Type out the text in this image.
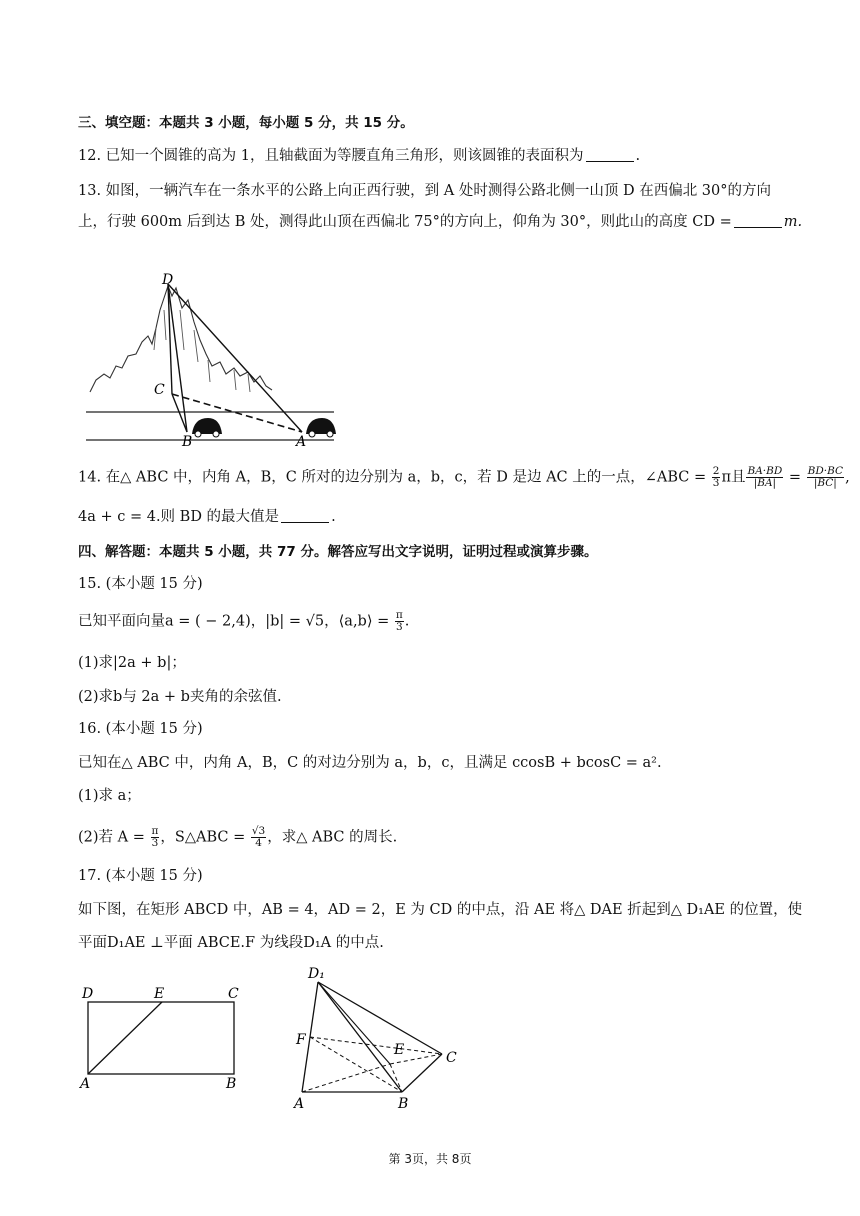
三、填空题：本题共 3 小题，每小题 5 分，共 15 分。
12. 已知一个圆锥的高为 1，且轴截面为等腰直角三角形，则该圆锥的表面积为	.
13. 如图，一辆汽车在一条水平的公路上向正西行驶，到 A 处时测得公路北侧一山顶 D 在西偏北 30°的方向
上，行驶 600m 后到达 B 处，测得此山顶在西偏北 75°的方向上，仰角为 30°，则此山的高度 CD =	m.
D
C
B	A
14. 在△ ABC 中，内角 A，B，C 所对的边分别为 a，b，c，若 D 是边 AC 上的一点，∠ABC = $\frac{2}{3}$ π且 $\frac{BA\cdot BD}{|BA|} = \frac{BD\cdot BC}{|BC|}$ ,
4a + c = 4.则 BD 的最大值是	.
四、解答题：本题共 5 小题，共 77 分。解答应写出文字说明，证明过程或演算步骤。
15. (本小题 15 分)
已知平面向量a = ( − 2,4)，|b| = √5，⟨a,b⟩ = $\frac{\pi}{3}$ .
(1)求|2a + b|；
(2)求b与 2a + b夹角的余弦值.
16. (本小题 15 分)
已知在△ ABC 中，内角 A，B，C 的对边分别为 a，b，c，且满足 ccosB + bcosC = a².
(1)求 a；
(2)若 $A = \frac{\pi}{3}$ ，S△ABC = $\frac{√3}{4}$ ，求△ ABC 的周长.
17. (本小题 15 分)
如下图，在矩形 ABCD 中，AB = 4，AD = 2，E 为 CD 的中点，沿 AE 将△ DAE 折起到△ D₁AE 的位置，使
平面D₁AE ⊥平面 ABCE.F 为线段D₁A 的中点.
D	E	C
A	B
D₁
F
E	C
A	B
第 3页，共 8页
